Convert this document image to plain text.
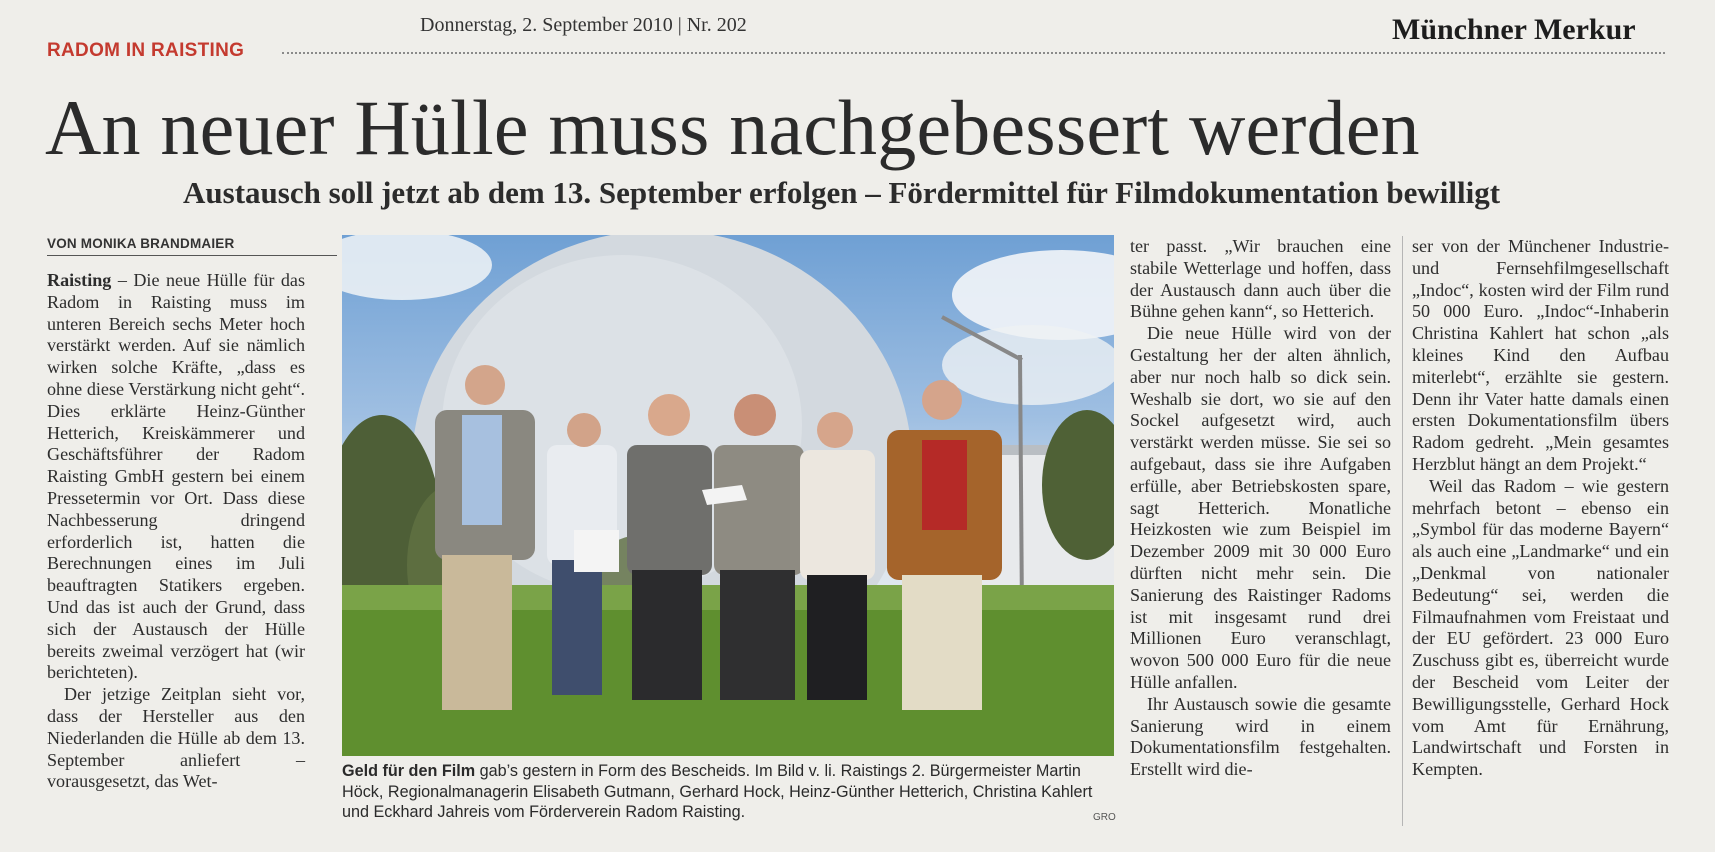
RADOM IN RAISTING
Donnerstag, 2. September 2010 | Nr. 202	Münchner Merkur
An neuer Hülle muss nachgebessert werden
Austausch soll jetzt ab dem 13. September erfolgen – Fördermittel für Filmdokumentation bewilligt
VON MONIKA BRANDMAIER

Raisting – Die neue Hülle für das Radom in Raisting muss im unteren Bereich sechs Meter hoch verstärkt werden. Auf sie nämlich wirken solche Kräfte, „dass es ohne diese Verstärkung nicht geht“. Dies erklärte Heinz-Günther Hetterich, Kreiskämmerer und Geschäftsführer der Radom Raisting GmbH gestern bei einem Pressetermin vor Ort. Dass diese Nachbesserung dringend erforderlich ist, hatten die Berechnungen eines im Juli beauftragten Statikers ergeben. Und das ist auch der Grund, dass sich der Austausch der Hülle bereits zweimal verzögert hat (wir berichteten).

Der jetzige Zeitplan sieht vor, dass der Hersteller aus den Niederlanden die Hülle ab dem 13. September anliefert – vorausgesetzt, das Wet-

Geld für den Film gab’s gestern in Form des Bescheids. Im Bild v. li. Raistings 2. Bürgermeister Martin Höck, Regionalmanagerin Elisabeth Gutmann, Gerhard Hock, Heinz-Günther Hetterich, Christina Kahlert und Eckhard Jahreis vom Förderverein Radom Raisting.	GRO

ter passt. „Wir brauchen eine stabile Wetterlage und hoffen, dass der Austausch dann auch über die Bühne gehen kann“, so Hetterich.

Die neue Hülle wird von der Gestaltung her der alten ähnlich, aber nur noch halb so dick sein. Weshalb sie dort, wo sie auf den Sockel aufgesetzt wird, auch verstärkt werden müsse. Sie sei so aufgebaut, dass sie ihre Aufgaben erfülle, aber Betriebskosten spare, sagt Hetterich. Monatliche Heizkosten wie zum Beispiel im Dezember 2009 mit 30 000 Euro dürften nicht mehr sein. Die Sanierung des Raistinger Radoms ist mit insgesamt rund drei Millionen Euro veranschlagt, wovon 500 000 Euro für die neue Hülle anfallen.

Ihr Austausch sowie die gesamte Sanierung wird in einem Dokumentationsfilm festgehalten. Erstellt wird die-

ser von der Münchener Industrie- und Fernsehfilmgesellschaft „Indoc“, kosten wird der Film rund 50 000 Euro. „Indoc“-Inhaberin Christina Kahlert hat schon „als kleines Kind den Aufbau miterlebt“, erzählte sie gestern. Denn ihr Vater hatte damals einen ersten Dokumentationsfilm übers Radom gedreht. „Mein gesamtes Herzblut hängt an dem Projekt.“

Weil das Radom – wie gestern mehrfach betont – ebenso ein „Symbol für das moderne Bayern“ als auch eine „Landmarke“ und ein „Denkmal von nationaler Bedeutung“ sei, werden die Filmaufnahmen vom Freistaat und der EU gefördert. 23 000 Euro Zuschuss gibt es, überreicht wurde der Bescheid vom Leiter der Bewilligungsstelle, Gerhard Hock vom Amt für Ernährung, Landwirtschaft und Forsten in Kempten.
